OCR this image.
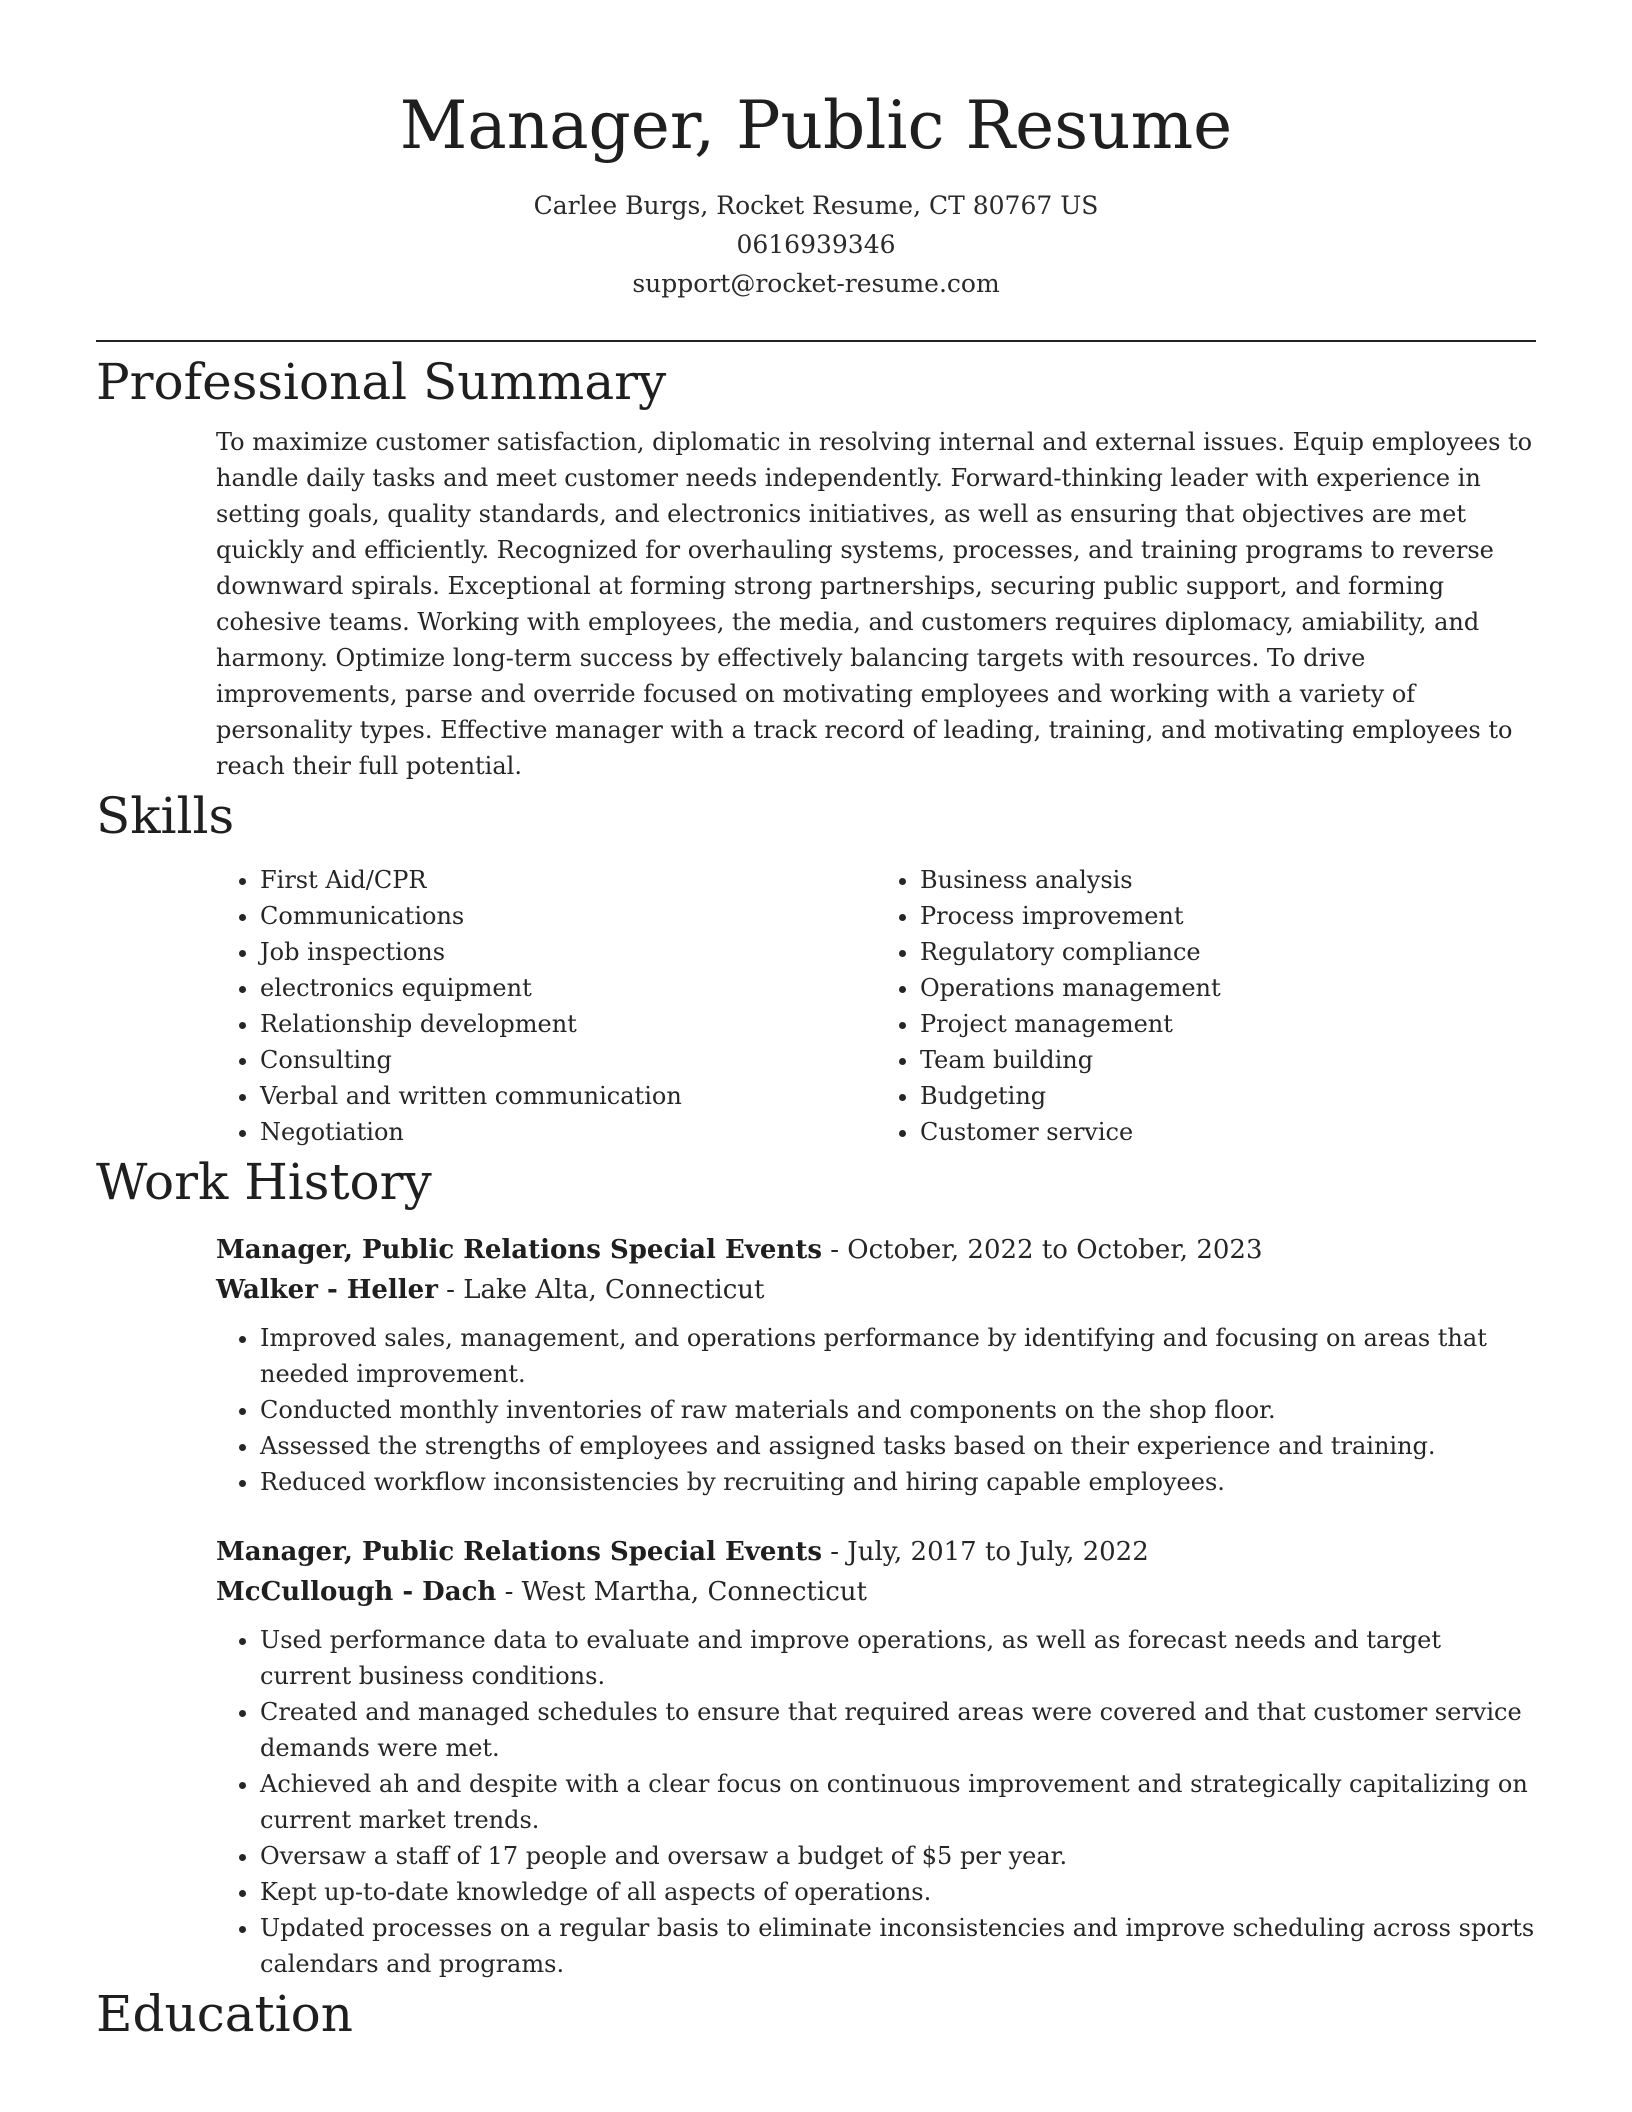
Manager, Public Resume
Carlee Burgs, Rocket Resume, CT 80767 US
0616939346
support@rocket-resume.com
Professional Summary

To maximize customer satisfaction, diplomatic in resolving internal and external issues. Equip employees to handle daily tasks and meet customer needs independently. Forward-thinking leader with experience in setting goals, quality standards, and electronics initiatives, as well as ensuring that objectives are met quickly and efficiently. Recognized for overhauling systems, processes, and training programs to reverse downward spirals. Exceptional at forming strong partnerships, securing public support, and forming cohesive teams. Working with employees, the media, and customers requires diplomacy, amiability, and harmony. Optimize long-term success by effectively balancing targets with resources. To drive improvements, parse and override focused on motivating employees and working with a variety of personality types. Effective manager with a track record of leading, training, and motivating employees to reach their full potential.

Skills
• First Aid/CPR
• Communications
• Job inspections
• electronics equipment
• Relationship development
• Consulting
• Verbal and written communication
• Negotiation
• Business analysis
• Process improvement
• Regulatory compliance
• Operations management
• Project management
• Team building
• Budgeting
• Customer service
Work History
Manager, Public Relations Special Events - October, 2022 to October, 2023
Walker - Heller - Lake Alta, Connecticut
• Improved sales, management, and operations performance by identifying and focusing on areas that needed improvement.
• Conducted monthly inventories of raw materials and components on the shop floor.
• Assessed the strengths of employees and assigned tasks based on their experience and training.
• Reduced workflow inconsistencies by recruiting and hiring capable employees.
Manager, Public Relations Special Events - July, 2017 to July, 2022
McCullough - Dach - West Martha, Connecticut
• Used performance data to evaluate and improve operations, as well as forecast needs and target current business conditions.
• Created and managed schedules to ensure that required areas were covered and that customer service demands were met.
• Achieved ah and despite with a clear focus on continuous improvement and strategically capitalizing on current market trends.
• Oversaw a staff of 17 people and oversaw a budget of $5 per year.
• Kept up-to-date knowledge of all aspects of operations.
• Updated processes on a regular basis to eliminate inconsistencies and improve scheduling across sports calendars and programs.
Education
